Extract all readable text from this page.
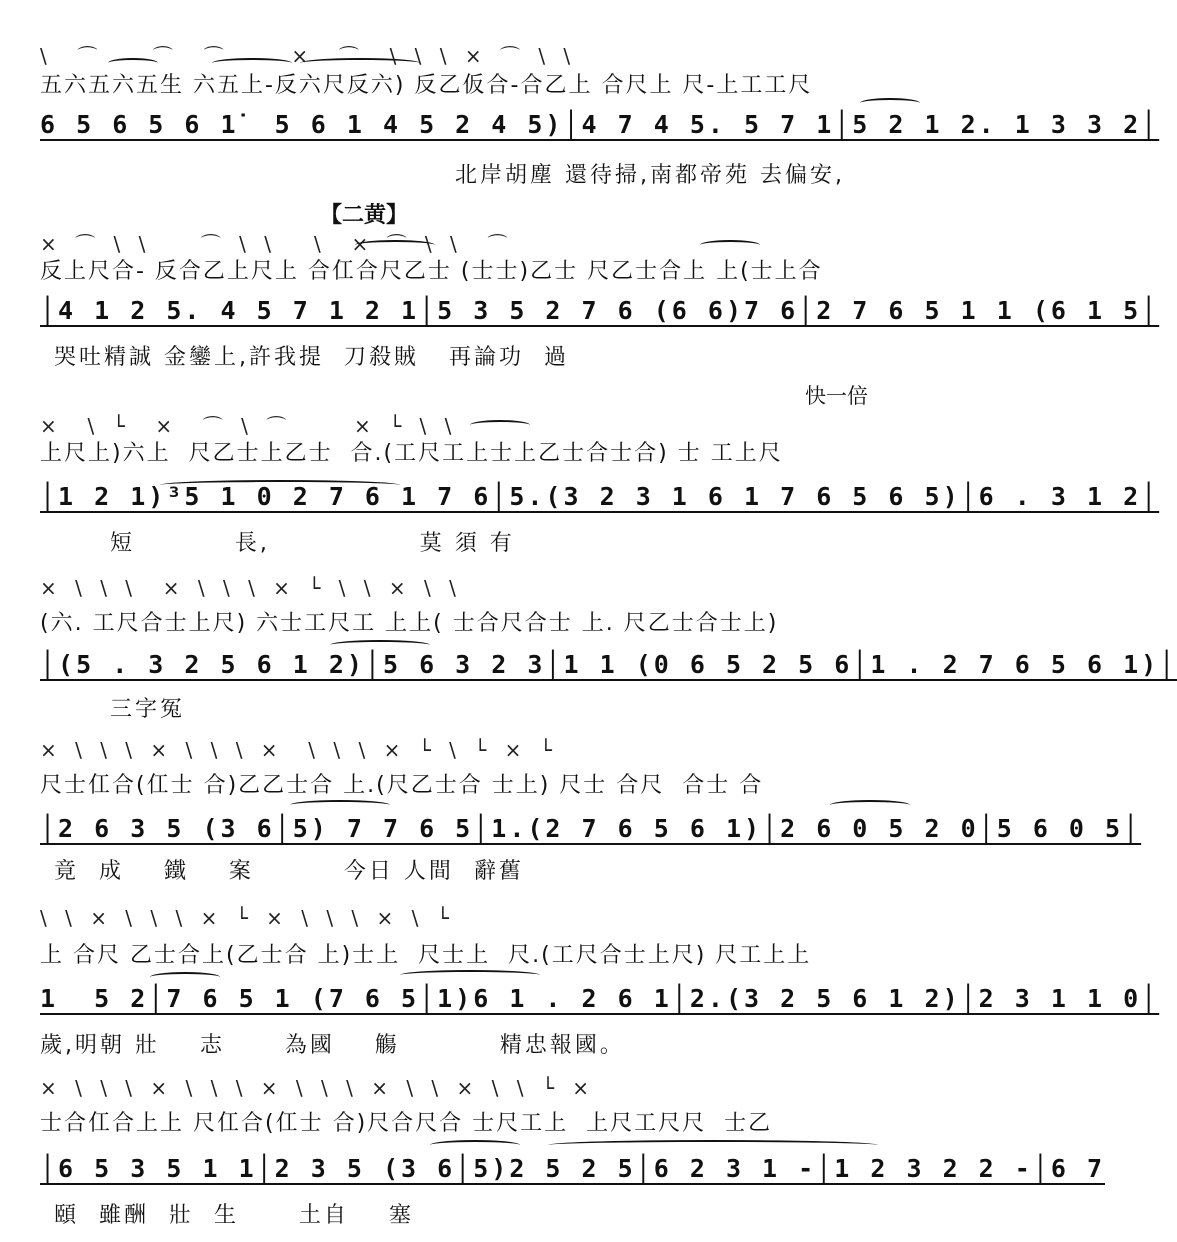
\  ⌒    ⌒  ⌒     ×  ⌒  \ \ \ × ⌒ \ \
五六五六五生 六五上-反六尺反六) 反乙仮合-合乙上 合尺上 尺-上工工尺
6 5 6 5 6 1̇  5 6 1 4 5 2 4 5)│4 7 4 5. 5 7 1│5 2 1 2. 1 3 3 2│
北岸胡塵 還待掃,南都帝苑 去偏安,
【二黄】
× ⌒ \ \    ⌒ \ \   \  × ⌒ \ \  ⌒
反上尺合- 反合乙上尺上 合仜合尺乙士 (士士)乙士 尺乙士合上 上(士上合
│4 1 2 5. 4 5 7 1 2 1│5 3 5 2 7 6 (6 6)7 6│2 7 6 5 1 1 (6 1 5│
哭吐精誠 金鑾上,許我提  刀殺賊   再論功  過
快一倍
×  \ └  ×  ⌒ \ ⌒     × └ \ \
上尺上)六上  尺乙士上乙士  合.(工尺工上士上乙士合士合) 士 工上尺
│1 2 1)³5 1 0 2 7 6 1 7 6│5.(3 2 3 1 6 1 7 6 5 6 5)│6 . 3 1 2│
短          長,               莫 須 有
× \ \ \  × \ \ \ × └ \ \ × \ \
(六. 工尺合士上尺) 六士工尺工 上上( 士合尺合士 上. 尺乙士合士上)
│(5 . 3 2 5 6 1 2)│5 6 3 2 3│1 1 (0 6 5 2 5 6│1 . 2 7 6 5 6 1)│
三字冤
× \ \ \ × \ \ \ ×  \ \ \ × └ \ └ × └
尺士仜合(仜士 合)乙乙士合 上.(尺乙士合 士上) 尺士 合尺  合士 合
│2 6 3 5 (3 6│5) 7 7 6 5│1.(2 7 6 5 6 1)│2 6 0 5 2 0│5 6 0 5│
竟  成    鐵    案         今日 人間  辭舊
\ \ × \ \ \ × └ × \ \ \ × \ └
上 合尺 乙士合上(乙士合 上)士上  尺士上  尺.(工尺合士上尺) 尺工上上
1  5 2│7 6 5 1 (7 6 5│1)6 1 . 2 6 1│2.(3 2 5 6 1 2)│2 3 1 1 0│
歲,明朝 壯    志      為國    觴          精忠報國。
× \ \ \ × \ \ \ × \ \ \ × \ \ × \ \ └ ×
士合仜合上上 尺仜合(仜士 合)尺合尺合 士尺工上  上尺工尺尺  士乙
│6 5 3 5 1 1│2 3 5 (3 6│5)2 5 2 5│6 2 3 1 -│1 2 3 2 2 -│6 7
頤  雖酬  壯  生      土自    塞
